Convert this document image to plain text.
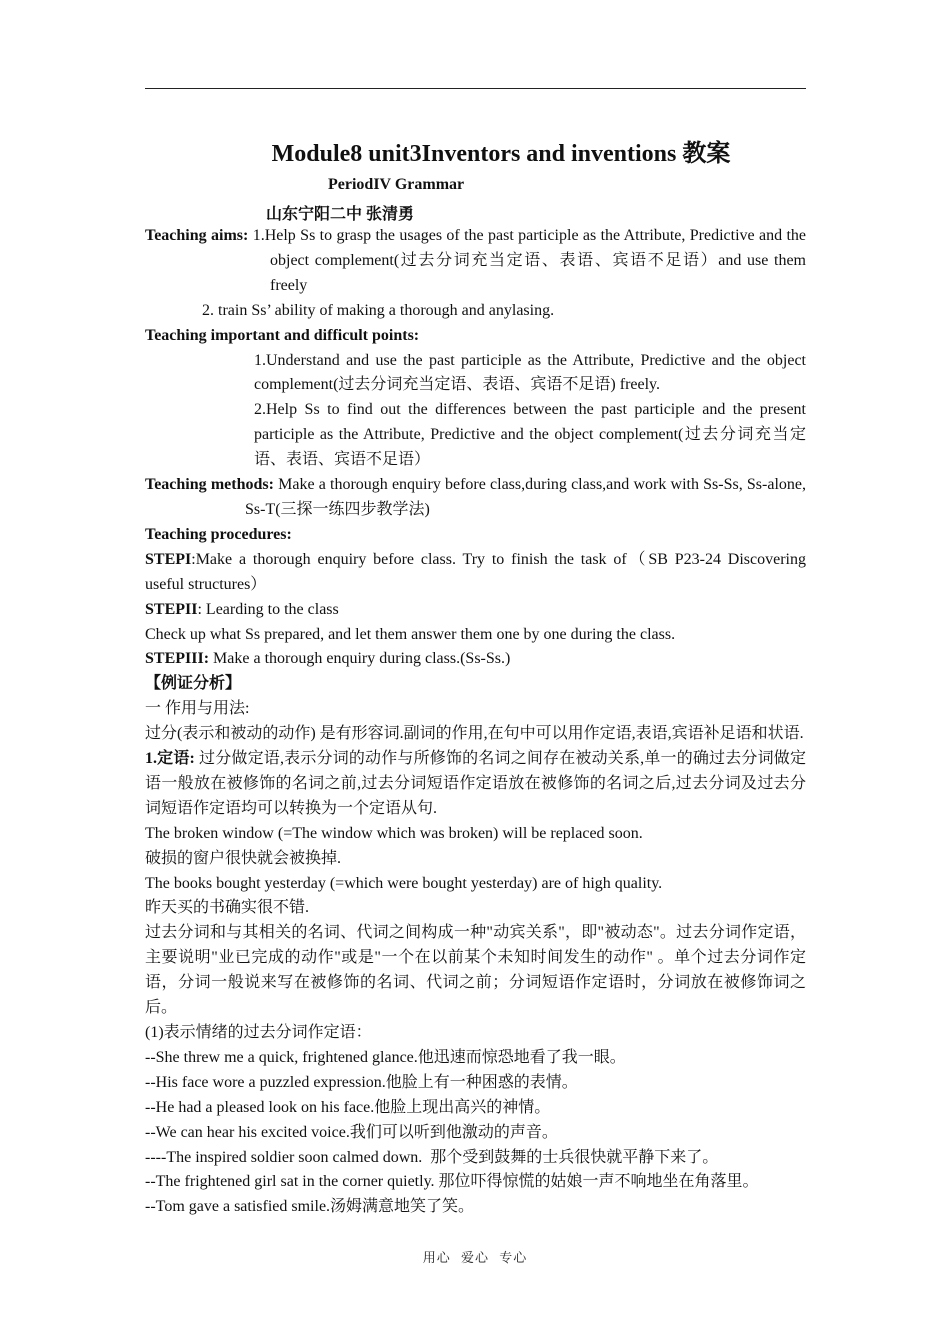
Module8 unit3Inventors and inventions 教案
PeriodIV Grammar
山东宁阳二中 张清勇

Teaching aims: 1.Help Ss to grasp the usages of the past participle as the Attribute, Predictive and the object complement(过去分词充当定语、表语、宾语不足语）and use them freely

2. train Ss’ ability of making a thorough and anylasing.

Teaching important and difficult points:

1.Understand and use the past participle as the Attribute, Predictive and the object complement(过去分词充当定语、表语、宾语不足语) freely.

2.Help Ss to find out the differences between the past participle and the present participle as the Attribute, Predictive and the object complement(过去分词充当定语、表语、宾语不足语）

Teaching methods: Make a thorough enquiry before class,during class,and work with Ss-Ss, Ss-alone, Ss-T(三探一练四步教学法)

Teaching procedures:

STEPI:Make a thorough enquiry before class. Try to finish the task of（SB P23-24 Discovering useful structures）

STEPII: Learding to the class

Check up what Ss prepared, and let them answer them one by one during the class.

STEPIII: Make a thorough enquiry during class.(Ss-Ss.)

【例证分析】

一 作用与用法:

过分(表示和被动的动作) 是有形容词.副词的作用,在句中可以用作定语,表语,宾语补足语和状语.

1.定语: 过分做定语,表示分词的动作与所修饰的名词之间存在被动关系,单一的确过去分词做定语一般放在被修饰的名词之前,过去分词短语作定语放在被修饰的名词之后,过去分词及过去分词短语作定语均可以转换为一个定语从句.

The broken window (=The window which was broken) will be replaced soon.

破损的窗户很快就会被换掉.

The books bought yesterday (=which were bought yesterday) are of high quality.

昨天买的书确实很不错.

过去分词和与其相关的名词、代词之间构成一种"动宾关系"，即"被动态"。过去分词作定语，主要说明"业已完成的动作"或是"一个在以前某个未知时间发生的动作" 。单个过去分词作定语，分词一般说来写在被修饰的名词、代词之前；分词短语作定语时，分词放在被修饰词之后。

(1)表示情绪的过去分词作定语：

--She threw me a quick, frightened glance.他迅速而惊恐地看了我一眼。

--His face wore a puzzled expression.他脸上有一种困惑的表情。

--He had a pleased look on his face.他脸上现出高兴的神情。

--We can hear his excited voice.我们可以听到他激动的声音。

----The inspired soldier soon calmed down.  那个受到鼓舞的士兵很快就平静下来了。

--The frightened girl sat in the corner quietly. 那位吓得惊慌的姑娘一声不响地坐在角落里。

--Tom gave a satisfied smile.汤姆满意地笑了笑。

用心 爱心 专心
